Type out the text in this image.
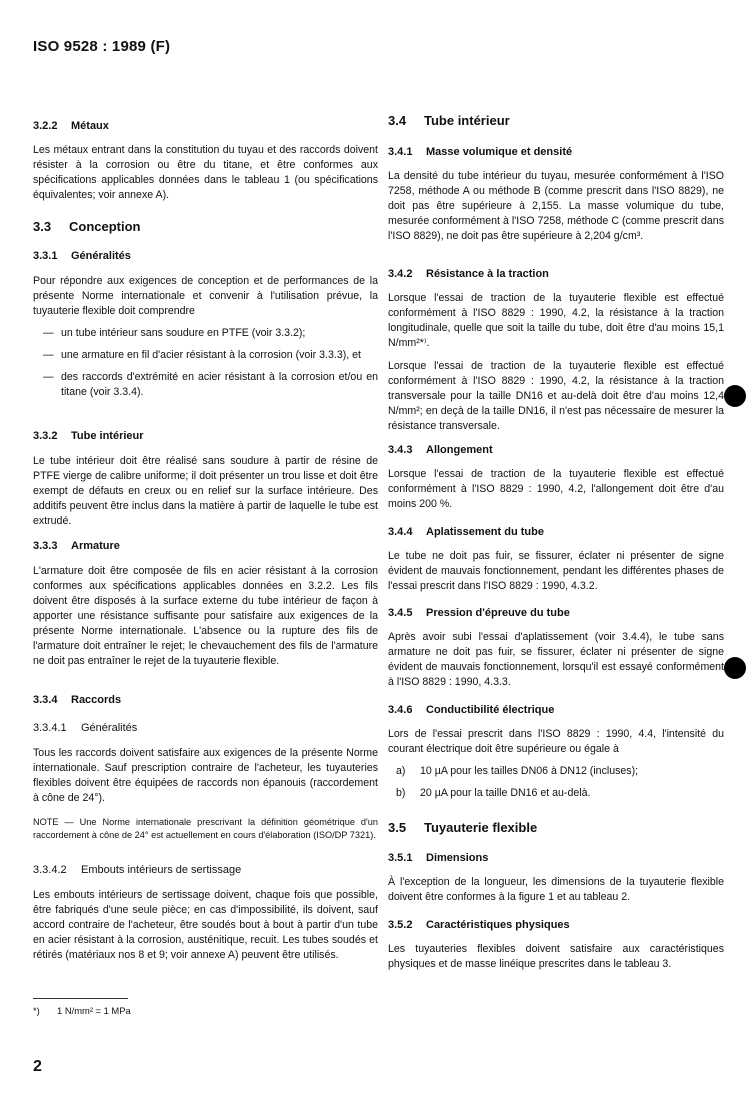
ISO 9528 : 1989 (F)
3.2.2 Métaux

Les métaux entrant dans la constitution du tuyau et des raccords doivent résister à la corrosion ou être du titane, et être conformes aux spécifications applicables données dans le tableau 1 (ou spécifications équivalentes; voir annexe A).

3.3 Conception
3.3.1 Généralités

Pour répondre aux exigences de conception et de performances de la présente Norme internationale et convenir à l'utilisation prévue, la tuyauterie flexible doit comprendre

— un tube intérieur sans soudure en PTFE (voir 3.3.2);
— une armature en fil d'acier résistant à la corrosion (voir 3.3.3), et
— des raccords d'extrémité en acier résistant à la corrosion et/ou en titane (voir 3.3.4).
3.3.2 Tube intérieur

Le tube intérieur doit être réalisé sans soudure à partir de résine de PTFE vierge de calibre uniforme; il doit présenter un trou lisse et doit être exempt de défauts en creux ou en relief sur la surface intérieure. Des additifs peuvent être inclus dans la matière à partir de laquelle le tube est extrudé.

3.3.3 Armature

L'armature doit être composée de fils en acier résistant à la corrosion conformes aux spécifications applicables données en 3.2.2. Les fils doivent être disposés à la surface externe du tube intérieur de façon à apporter une résistance suffisante pour satisfaire aux exigences de la présente Norme internationale. L'absence ou la rupture des fils de l'armature doit entraîner le rejet; le chevauchement des fils de l'armature ne doit pas entraîner le rejet de la tuyauterie flexible.

3.3.4 Raccords
3.3.4.1 Généralités

Tous les raccords doivent satisfaire aux exigences de la présente Norme internationale. Sauf prescription contraire de l'acheteur, les tuyauteries flexibles doivent être équipées de raccords non épanouis (raccordement à cône de 24°).

NOTE — Une Norme internationale prescrivant la définition géométrique d'un raccordement à cône de 24° est actuellement en cours d'élaboration (ISO/DP 7321).

3.3.4.2 Embouts intérieurs de sertissage

Les embouts intérieurs de sertissage doivent, chaque fois que possible, être fabriqués d'une seule pièce; en cas d'impossibilité, ils doivent, sauf accord contraire de l'acheteur, être soudés bout à bout à partir d'un tube en acier résistant à la corrosion, austénitique, recuit. Les tubes soudés et rétirés (matériaux nos 8 et 9; voir annexe A) peuvent être utilisés.

3.4 Tube intérieur
3.4.1 Masse volumique et densité

La densité du tube intérieur du tuyau, mesurée conformément à l'ISO 7258, méthode A ou méthode B (comme prescrit dans l'ISO 8829), ne doit pas être supérieure à 2,155. La masse volumique du tube, mesurée conformément à l'ISO 7258, méthode C (comme prescrit dans l'ISO 8829), ne doit pas être supérieure à 2,204 g/cm³.

3.4.2 Résistance à la traction

Lorsque l'essai de traction de la tuyauterie flexible est effectué conformément à l'ISO 8829 : 1990, 4.2, la résistance à la traction longitudinale, quelle que soit la taille du tube, doit être d'au moins 15,1 N/mm²*⁾.

Lorsque l'essai de traction de la tuyauterie flexible est effectué conformément à l'ISO 8829 : 1990, 4.2, la résistance à la traction transversale pour la taille DN16 et au-delà doit être d'au moins 12,4 N/mm²; en deçà de la taille DN16, il n'est pas nécessaire de mesurer la résistance transversale.

3.4.3 Allongement

Lorsque l'essai de traction de la tuyauterie flexible est effectué conformément à l'ISO 8829 : 1990, 4.2, l'allongement doit être d'au moins 200 %.

3.4.4 Aplatissement du tube

Le tube ne doit pas fuir, se fissurer, éclater ni présenter de signe évident de mauvais fonctionnement, pendant les différentes phases de l'essai prescrit dans l'ISO 8829 : 1990, 4.3.2.

3.4.5 Pression d'épreuve du tube

Après avoir subi l'essai d'aplatissement (voir 3.4.4), le tube sans armature ne doit pas fuir, se fissurer, éclater ni présenter de signe évident de mauvais fonctionnement, lorsqu'il est essayé conformément à l'ISO 8829 : 1990, 4.3.3.

3.4.6 Conductibilité électrique

Lors de l'essai prescrit dans l'ISO 8829 : 1990, 4.4, l'intensité du courant électrique doit être supérieure ou égale à

a)	10 µA pour les tailles DN06 à DN12 (incluses);
b)	20 µA pour la taille DN16 et au-delà.
3.5 Tuyauterie flexible
3.5.1 Dimensions

À l'exception de la longueur, les dimensions de la tuyauterie flexible doivent être conformes à la figure 1 et au tableau 2.

3.5.2 Caractéristiques physiques

Les tuyauteries flexibles doivent satisfaire aux caractéristiques physiques et de masse linéique prescrites dans le tableau 3.

*) 1 N/mm² = 1 MPa
2
